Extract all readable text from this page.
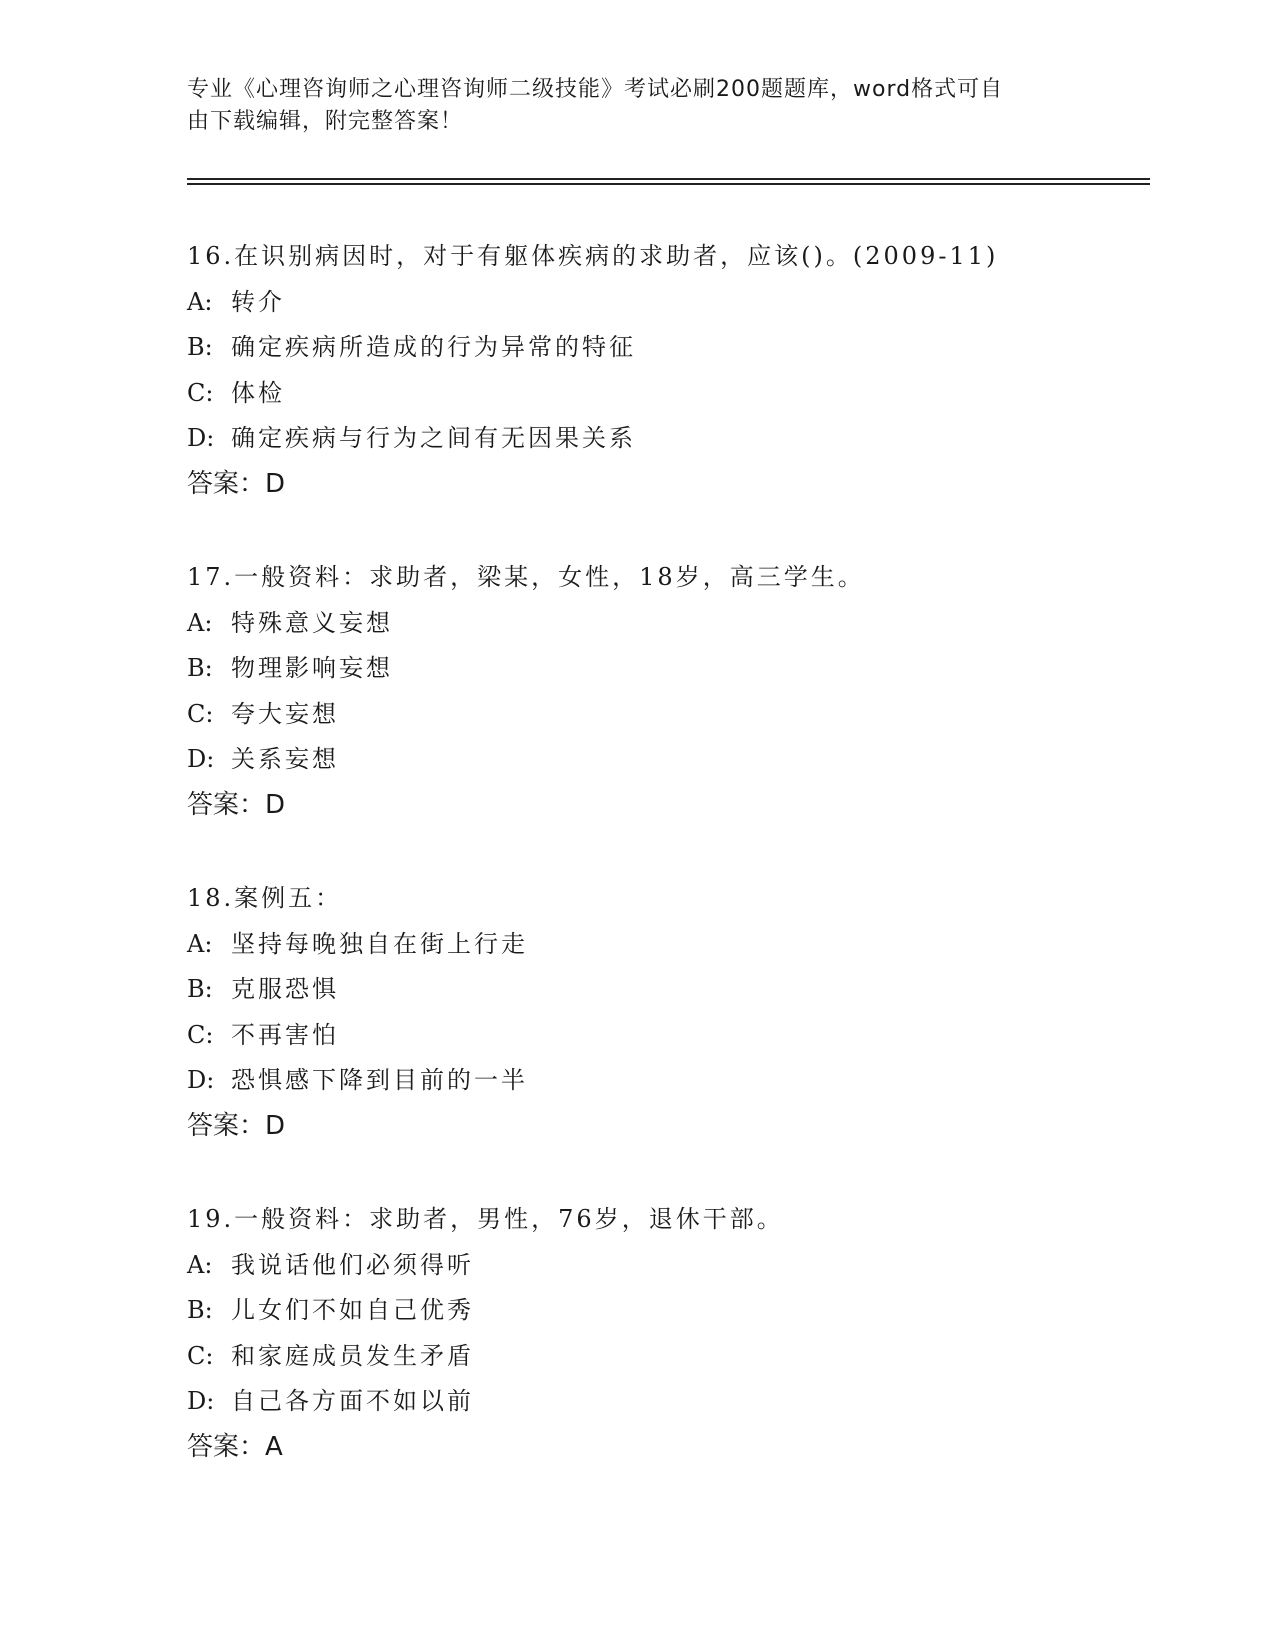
专业《心理咨询师之心理咨询师二级技能》考试必刷200题题库，word格式可自
由下载编辑，附完整答案！
16.在识别病因时，对于有躯体疾病的求助者，应该()。(2009-11)
A: 转介
B: 确定疾病所造成的行为异常的特征
C: 体检
D: 确定疾病与行为之间有无因果关系
答案：D
17.一般资料：求助者，梁某，女性，18岁，高三学生。
A: 特殊意义妄想
B: 物理影响妄想
C: 夸大妄想
D: 关系妄想
答案：D
18.案例五：
A: 坚持每晚独自在街上行走
B: 克服恐惧
C: 不再害怕
D: 恐惧感下降到目前的一半
答案：D
19.一般资料：求助者，男性，76岁，退休干部。
A: 我说话他们必须得听
B: 儿女们不如自己优秀
C: 和家庭成员发生矛盾
D: 自己各方面不如以前
答案：A
